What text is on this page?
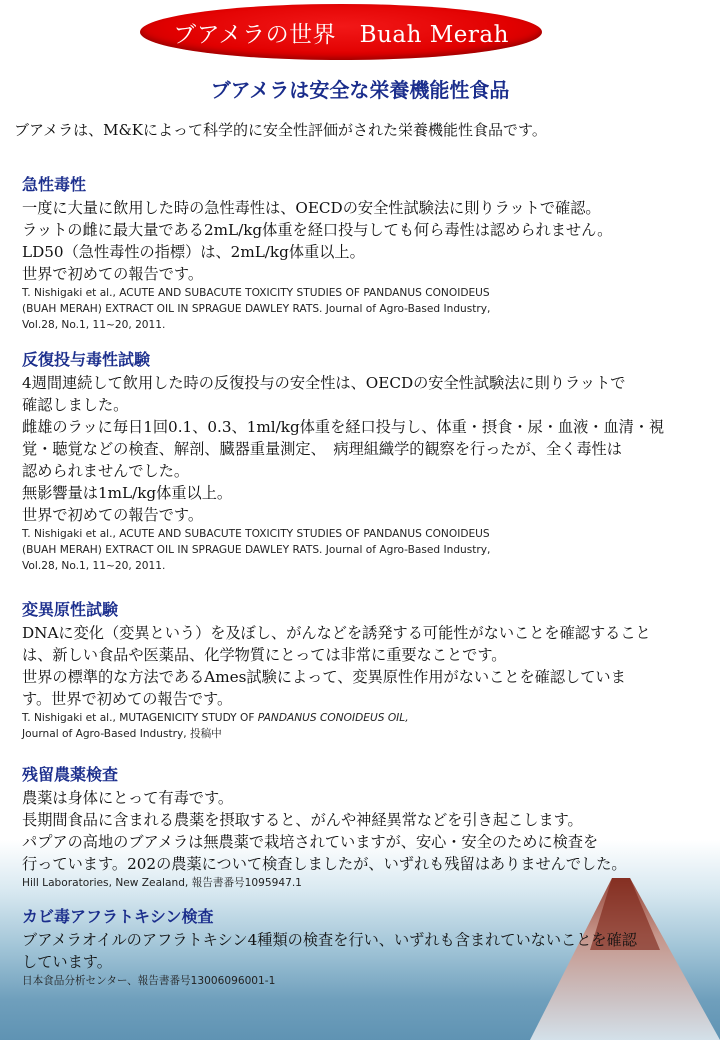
ブアメラの世界　Buah Merah
ブアメラは安全な栄養機能性食品
ブアメラは、M&Kによって科学的に安全性評価がされた栄養機能性食品です。
急性毒性
一度に大量に飲用した時の急性毒性は、OECDの安全性試験法に則りラットで確認。
ラットの雌に最大量である2mL/kg体重を経口投与しても何ら毒性は認められません。
LD50（急性毒性の指標）は、2mL/kg体重以上。
世界で初めての報告です。
T. Nishigaki et al., ACUTE AND SUBACUTE TOXICITY STUDIES OF PANDANUS CONOIDEUS
(BUAH MERAH) EXTRACT OIL IN SPRAGUE DAWLEY RATS. Journal of Agro-Based Industry,
Vol.28, No.1, 11~20, 2011.
反復投与毒性試験
4週間連続して飲用した時の反復投与の安全性は、OECDの安全性試験法に則りラットで
確認しました。
雌雄のラッに毎日1回0.1、0.3、1ml/kg体重を経口投与し、体重・摂食・尿・血液・血清・視
覚・聴覚などの検査、解剖、臓器重量測定、　病理組織学的観察を行ったが、全く毒性は
認められませんでした。
無影響量は1mL/kg体重以上。
世界で初めての報告です。
T. Nishigaki et al., ACUTE AND SUBACUTE TOXICITY STUDIES OF PANDANUS CONOIDEUS
(BUAH MERAH) EXTRACT OIL IN SPRAGUE DAWLEY RATS. Journal of Agro-Based Industry,
Vol.28, No.1, 11~20, 2011.
変異原性試験
DNAに変化（変異という）を及ぼし、がんなどを誘発する可能性がないことを確認すること
は、新しい食品や医薬品、化学物質にとっては非常に重要なことです。
世界の標準的な方法であるAmes試験によって、変異原性作用がないことを確認していま
す。世界で初めての報告です。
T. Nishigaki et al., MUTAGENICITY STUDY OF PANDANUS CONOIDEUS OIL,
Journal of Agro-Based Industry, 投稿中
残留農薬検査
農薬は身体にとって有毒です。
長期間食品に含まれる農薬を摂取すると、がんや神経異常などを引き起こします。
パプアの高地のブアメラは無農薬で栽培されていますが、安心・安全のために検査を
行っています。202の農薬について検査しましたが、いずれも残留はありませんでした。
Hill Laboratories, New Zealand, 報告書番号1095947.1
カビ毒アフラトキシン検査
ブアメラオイルのアフラトキシン4種類の検査を行い、いずれも含まれていないことを確認
しています。
日本食品分析センター、報告書番号13006096001-1
